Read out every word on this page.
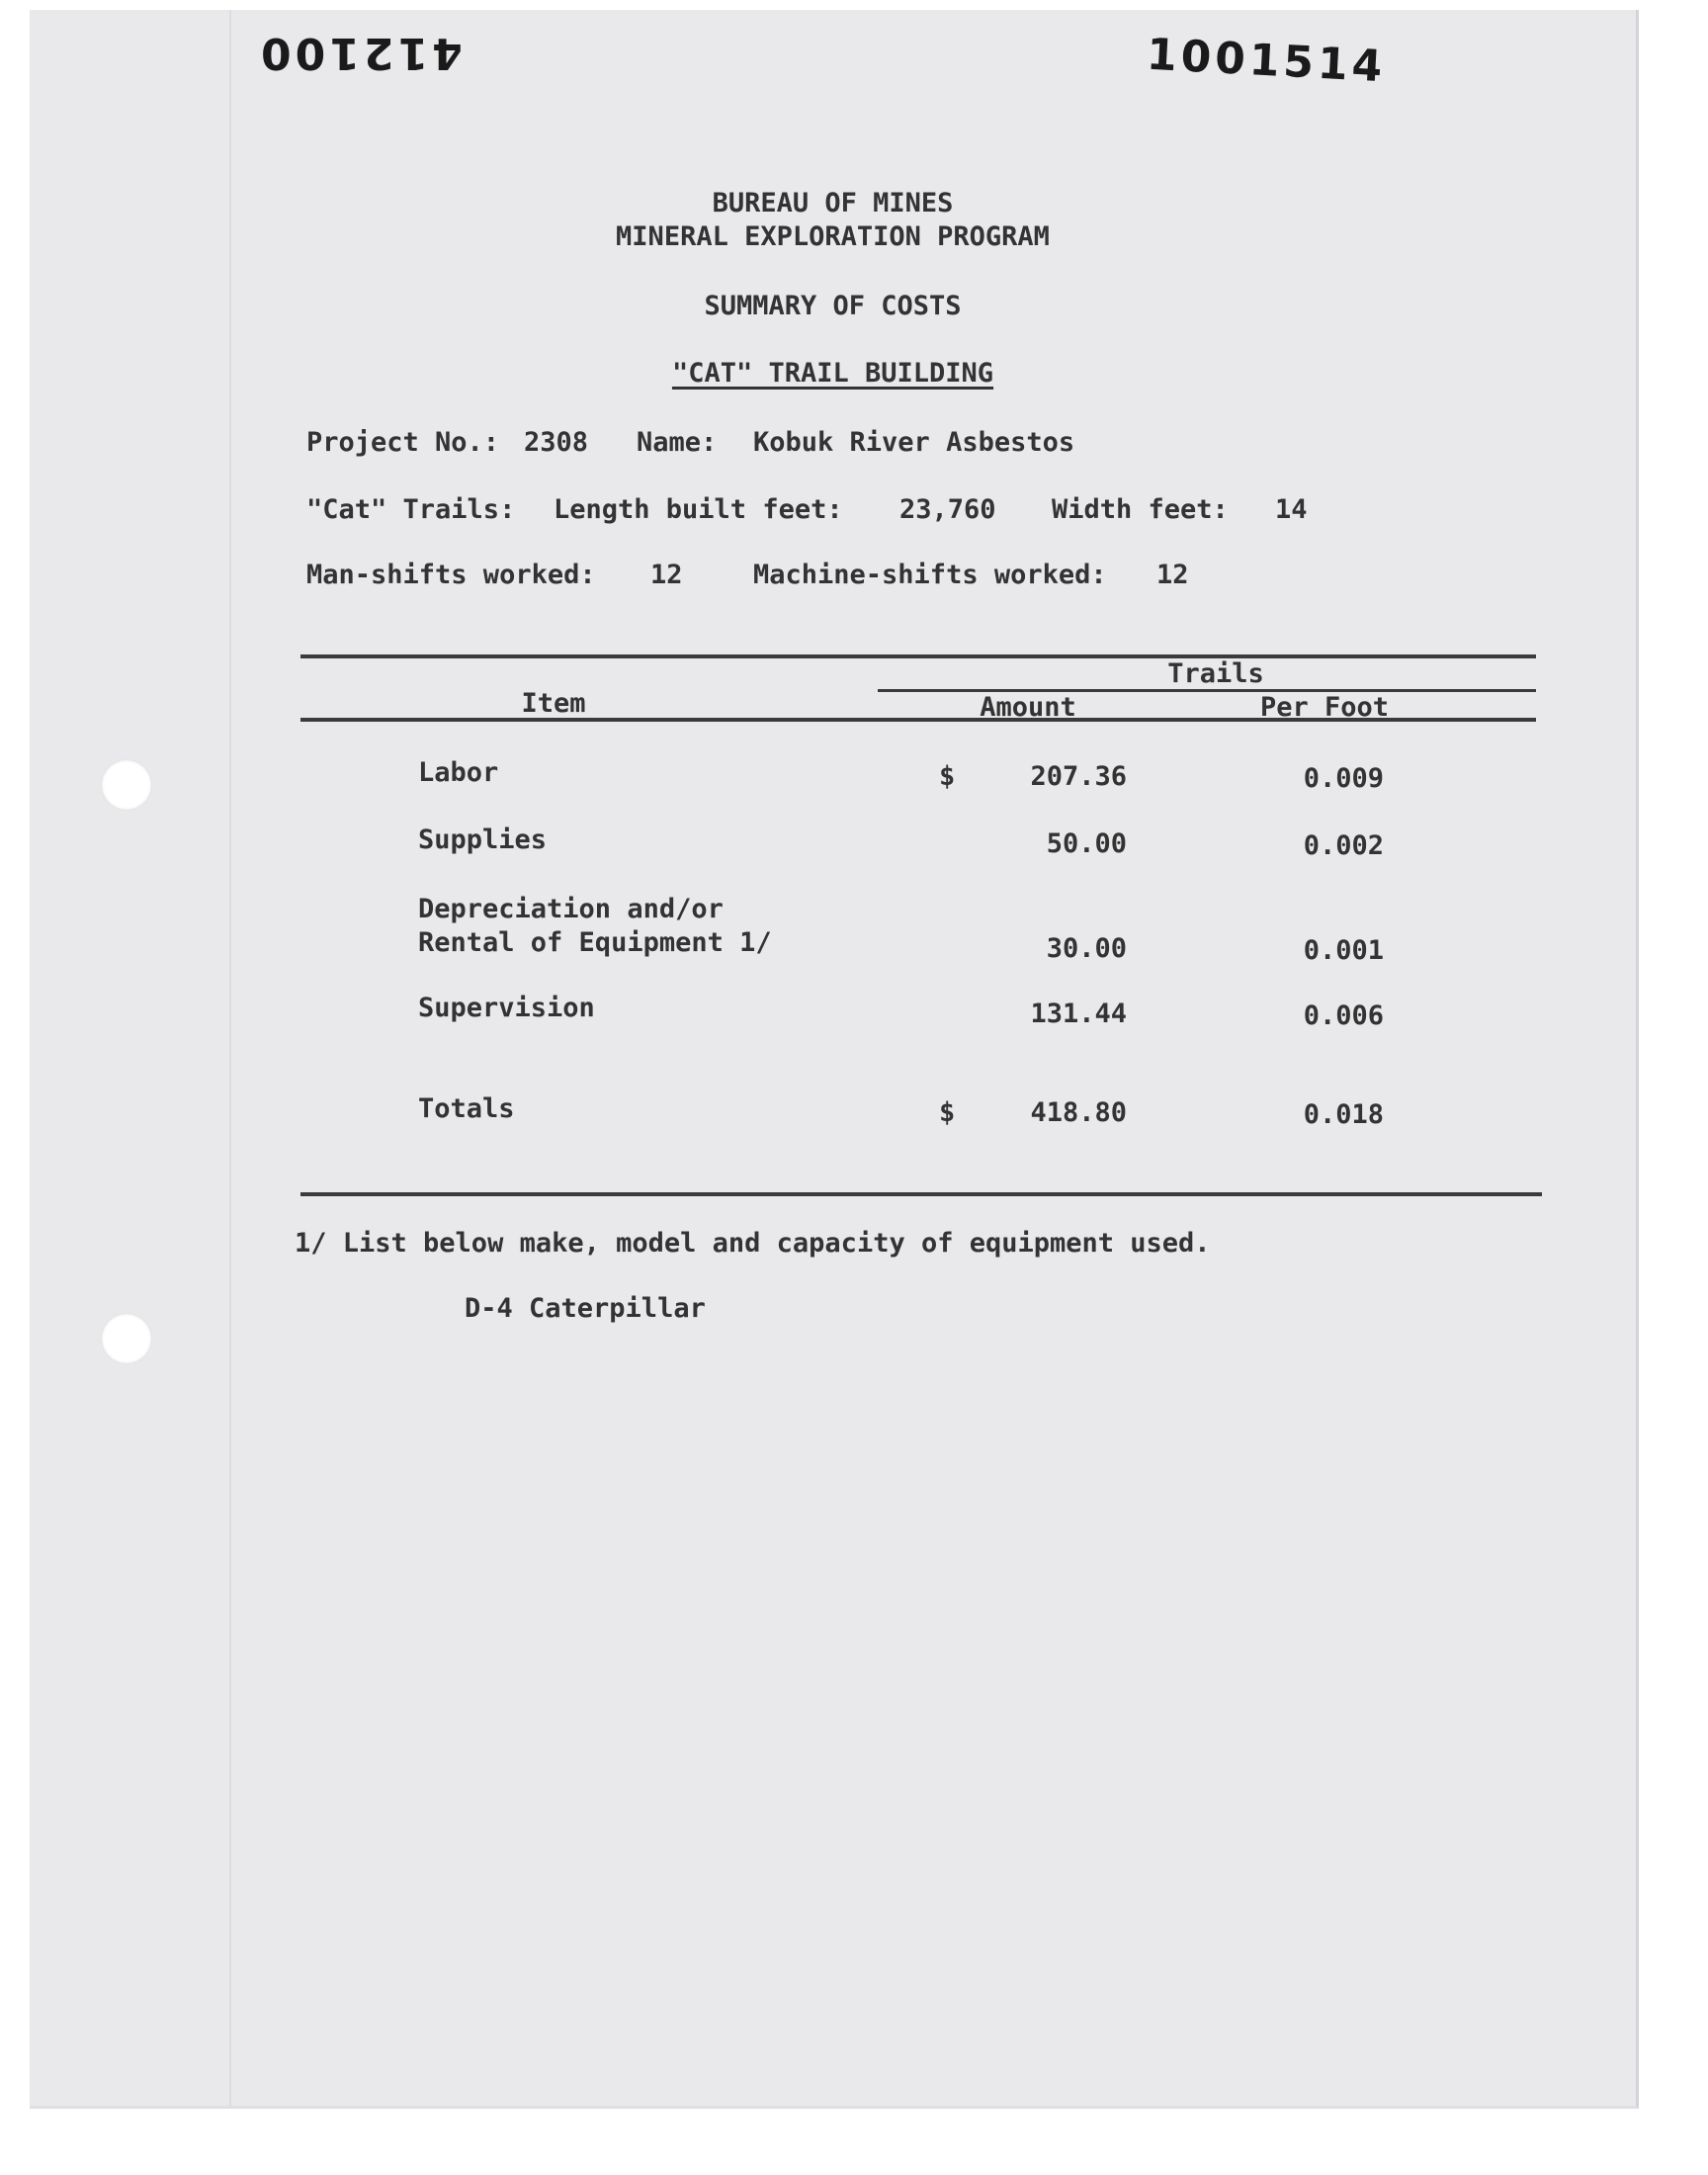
412100	1001514
BUREAU OF MINES
MINERAL EXPLORATION PROGRAM
SUMMARY OF COSTS
"CAT" TRAIL BUILDING
Project No.: 2308 Name: Kobuk River Asbestos
"Cat" Trails: Length built feet: 23,760 Width feet: 14
Man-shifts worked: 12	Machine-shifts worked: 12
Trails
Item	Amount	Per Foot
Labor	$	207.36	0.009
Supplies	50.00	0.002
Depreciation and/or
Rental of Equipment 1/	30.00	0.001
Supervision	131.44	0.006
Totals	$	418.80	0.018
1/ List below make, model and capacity of equipment used.
D-4 Caterpillar
